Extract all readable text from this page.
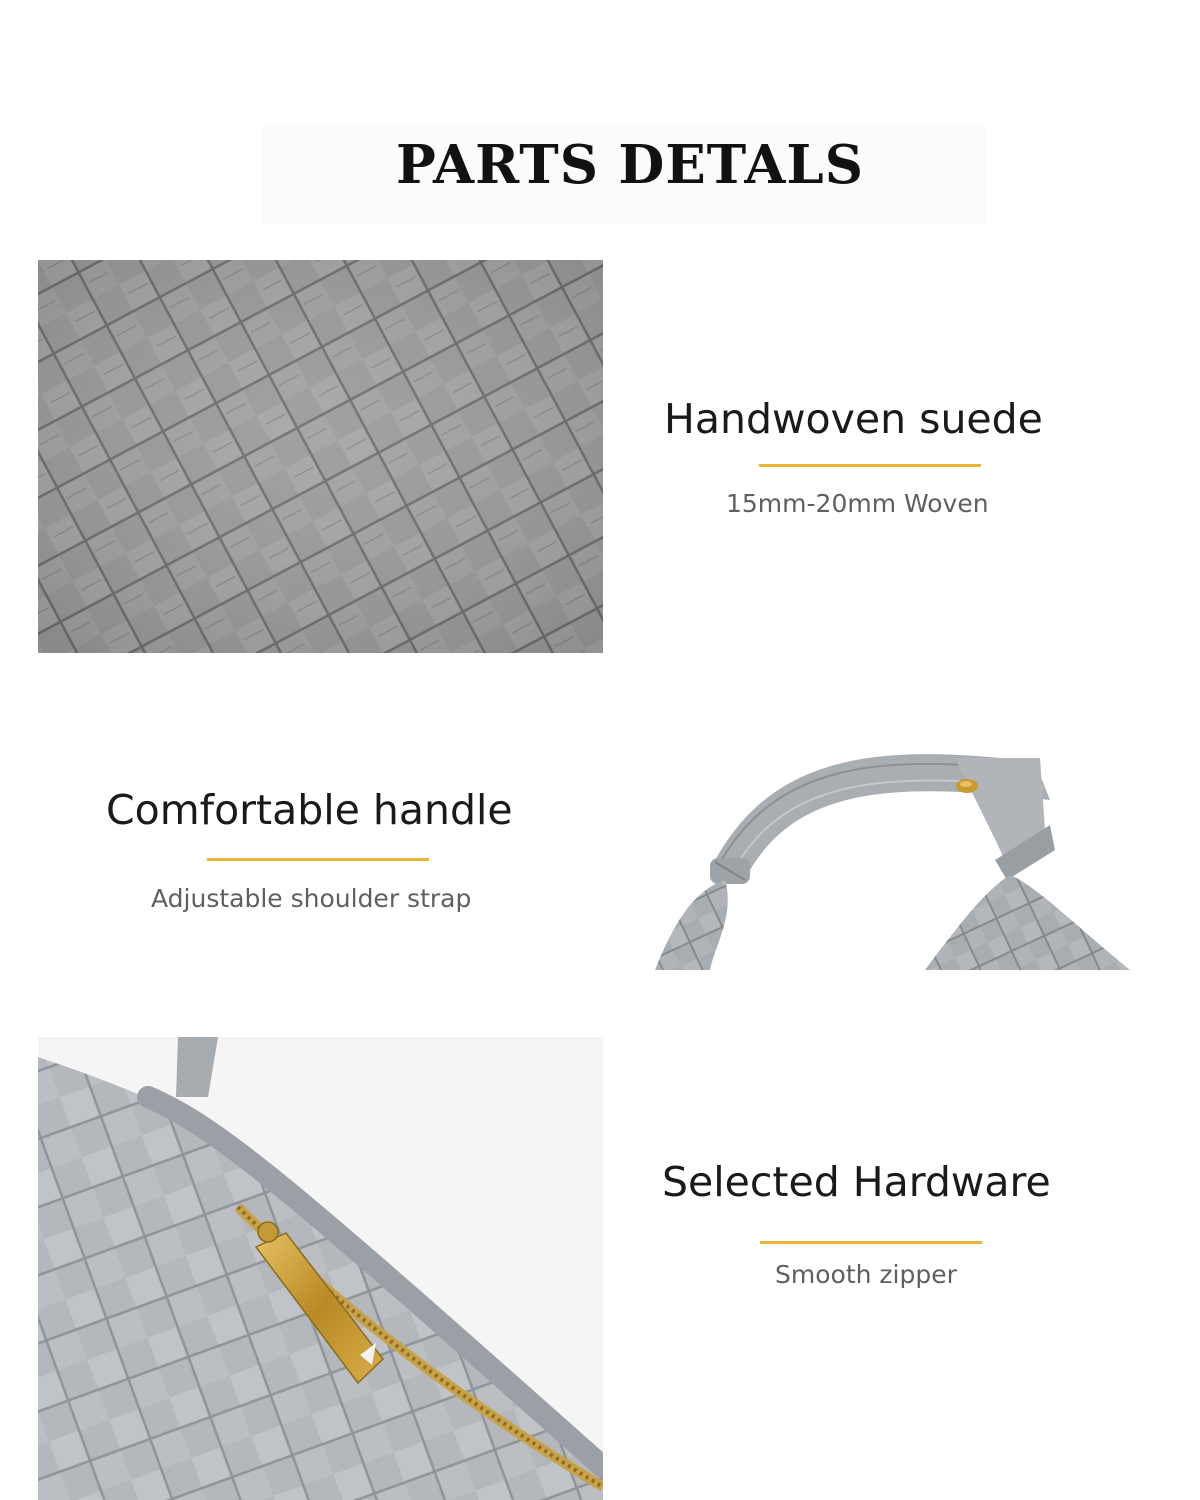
PARTS DETALS
Handwoven suede
15mm-20mm Woven
Comfortable handle
Adjustable shoulder strap
Selected Hardware
Smooth zipper
